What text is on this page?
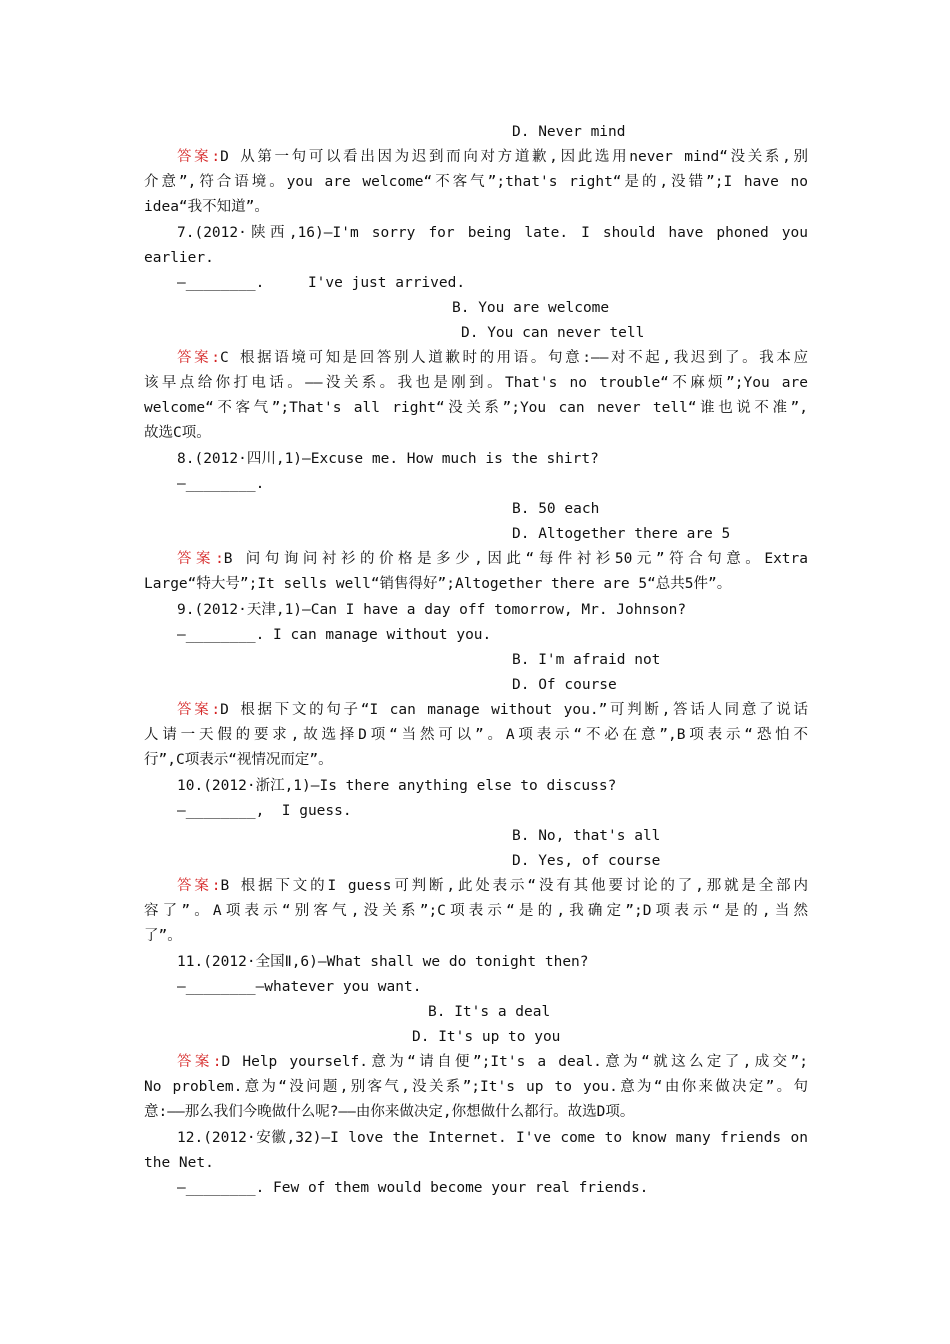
D. Never mind

答案:D 从第一句可以看出因为迟到而向对方道歉,因此选用never mind“没关系,别
介意”,符合语境。you are welcome“不客气”;that's right“是的,没错”;I have no
idea“我不知道”。
7.(2012·陕西,16)—I'm sorry for being late. I should have phoned you
earlier.
—________.     I've just arrived.

B. You are welcome

D. You can never tell

答案:C 根据语境可知是回答别人道歉时的用语。句意:——对不起,我迟到了。我本应
该早点给你打电话。——没关系。我也是刚到。That's no trouble“不麻烦”;You are
welcome“不客气”;That's all right“没关系”;You can never tell“谁也说不准”,
故选C项。
8.(2012·四川,1)—Excuse me. How much is the shirt?
—________.

B. 50 each

D. Altogether there are 5

答案:B 问句询问衬衫的价格是多少,因此“每件衬衫50元”符合句意。Extra
Large“特大号”;It sells well“销售得好”;Altogether there are 5“总共5件”。
9.(2012·天津,1)—Can I have a day off tomorrow, Mr. Johnson?
—________. I can manage without you.

B. I'm afraid not

D. Of course

答案:D 根据下文的句子“I can manage without you.”可判断,答话人同意了说话
人请一天假的要求,故选择D项“当然可以”。A项表示“不必在意”,B项表示“恐怕不
行”,C项表示“视情况而定”。
10.(2012·浙江,1)—Is there anything else to discuss?
—________,  I guess.

B. No, that's all

D. Yes, of course

答案:B 根据下文的I guess可判断,此处表示“没有其他要讨论的了,那就是全部内
容了”。A项表示“别客气,没关系”;C项表示“是的,我确定”;D项表示“是的,当然
了”。
11.(2012·全国Ⅱ,6)—What shall we do tonight then?
—________—whatever you want.

B. It's a deal

D. It's up to you

答案:D Help yourself.意为“请自便”;It's a deal.意为“就这么定了,成交”;
No problem.意为“没问题,别客气,没关系”;It's up to you.意为“由你来做决定”。句
意:——那么我们今晚做什么呢?——由你来做决定,你想做什么都行。故选D项。
12.(2012·安徽,32)—I love the Internet. I've come to know many friends on
the Net.
—________. Few of them would become your real friends.
